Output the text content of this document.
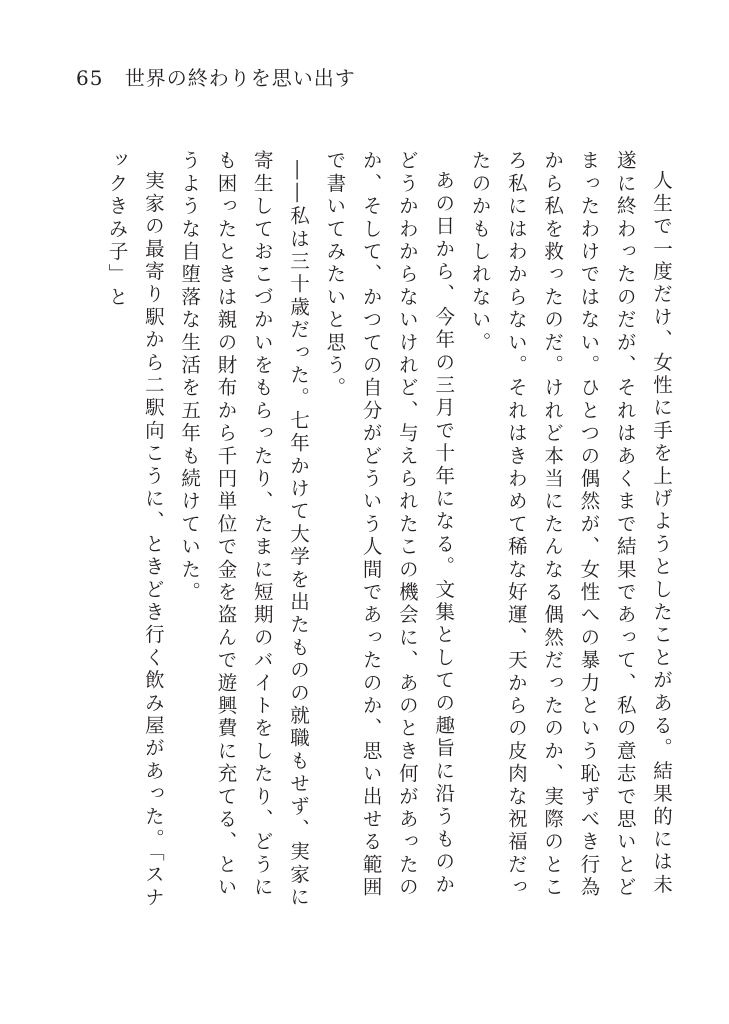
65 世界の終わりを思い出す

人生で一度だけ、女性に手を上げようとしたことがある。結果的には未遂に終わったのだが、それはあくまで結果であって、私の意志で思いとどまったわけではない。ひとつの偶然が、女性への暴力という恥ずべき行為から私を救ったのだ。けれど本当にたんなる偶然だったのか、実際のところ私にはわからない。それはきわめて稀な好運、天からの皮肉な祝福だったのかもしれない。

あの日から、今年の三月で十年になる。文集としての趣旨に沿うものかどうかわからないけれど、与えられたこの機会に、あのとき何があったのか、そして、かつての自分がどういう人間であったのか、思い出せる範囲で書いてみたいと思う。

――私は三十歳だった。七年かけて大学を出たものの就職もせず、実家に寄生しておこづかいをもらったり、たまに短期のバイトをしたり、どうにも困ったときは親の財布から千円単位で金を盗んで遊興費に充てる、というような自堕落な生活を五年も続けていた。

実家の最寄り駅から二駅向こうに、ときどき行く飲み屋があった。「スナックきみ子」と
